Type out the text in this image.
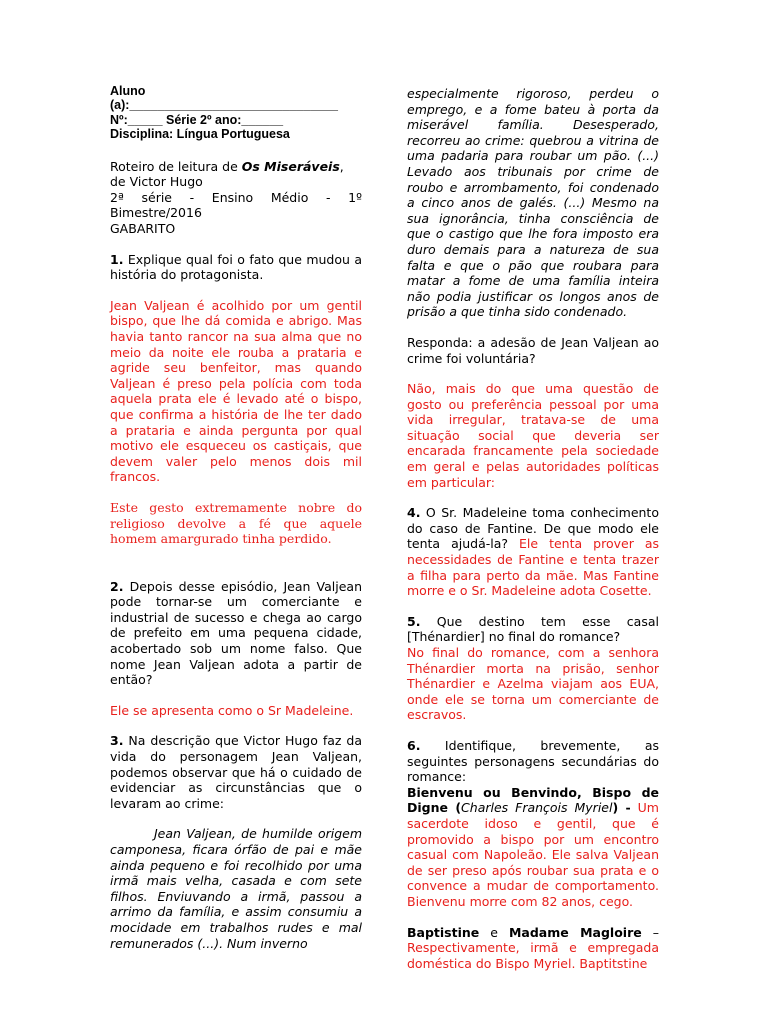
Aluno

(a):______________________________

Nº:_____ Série 2º ano:______

Disciplina: Língua Portuguesa

Roteiro de leitura de Os Miseráveis, de Victor Hugo

2ª série - Ensino Médio - 1º Bimestre/2016

GABARITO

1. Explique qual foi o fato que mudou a história do protagonista.

Jean Valjean é acolhido por um gentil bispo, que lhe dá comida e abrigo. Mas havia tanto rancor na sua alma que no meio da noite ele rouba a prataria e agride seu benfeitor, mas quando Valjean é preso pela polícia com toda aquela prata ele é levado até o bispo, que confirma a história de lhe ter dado a prataria e ainda pergunta por qual motivo ele esqueceu os castiçais, que devem valer pelo menos dois mil francos.

Este gesto extremamente nobre do religioso devolve a fé que aquele homem amargurado tinha perdido.

2. Depois desse episódio, Jean Valjean pode tornar-se um comerciante e industrial de sucesso e chega ao cargo de prefeito em uma pequena cidade, acobertado sob um nome falso. Que nome Jean Valjean adota a partir de então?

Ele se apresenta como o Sr Madeleine.

3. Na descrição que Victor Hugo faz da vida do personagem Jean Valjean, podemos observar que há o cuidado de evidenciar as circunstâncias que o levaram ao crime:

Jean Valjean, de humilde origem camponesa, ficara órfão de pai e mãe ainda pequeno e foi recolhido por uma irmã mais velha, casada e com sete filhos. Enviuvando a irmã, passou a arrimo da família, e assim consumiu a mocidade em trabalhos rudes e mal remunerados (...). Num inverno

especialmente rigoroso, perdeu o emprego, e a fome bateu à porta da miserável família. Desesperado, recorreu ao crime: quebrou a vitrina de uma padaria para roubar um pão. (...) Levado aos tribunais por crime de roubo e arrombamento, foi condenado a cinco anos de galés. (...) Mesmo na sua ignorância, tinha consciência de que o castigo que lhe fora imposto era duro demais para a natureza de sua falta e que o pão que roubara para matar a fome de uma família inteira não podia justificar os longos anos de prisão a que tinha sido condenado.

Responda: a adesão de Jean Valjean ao crime foi voluntária?

Não, mais do que uma questão de gosto ou preferência pessoal por uma vida irregular, tratava-se de uma situação social que deveria ser encarada francamente pela sociedade em geral e pelas autoridades políticas em particular:

4. O Sr. Madeleine toma conhecimento do caso de Fantine. De que modo ele tenta ajudá-la? Ele tenta prover as necessidades de Fantine e tenta trazer a filha para perto da mãe. Mas Fantine morre e o Sr. Madeleine adota Cosette.

5. Que destino tem esse casal [Thénardier] no final do romance?

No final do romance, com a senhora Thénardier morta na prisão, senhor Thénardier e Azelma viajam aos EUA, onde ele se torna um comerciante de escravos.

6. Identifique, brevemente, as seguintes personagens secundárias do romance:

Bienvenu ou Benvindo, Bispo de Digne (Charles François Myriel) - Um sacerdote idoso e gentil, que é promovido a bispo por um encontro casual com Napoleão. Ele salva Valjean de ser preso após roubar sua prata e o convence a mudar de comportamento. Bienvenu morre com 82 anos, cego.

Baptistine e Madame Magloire – Respectivamente, irmã e empregada doméstica do Bispo Myriel. Baptitstine
